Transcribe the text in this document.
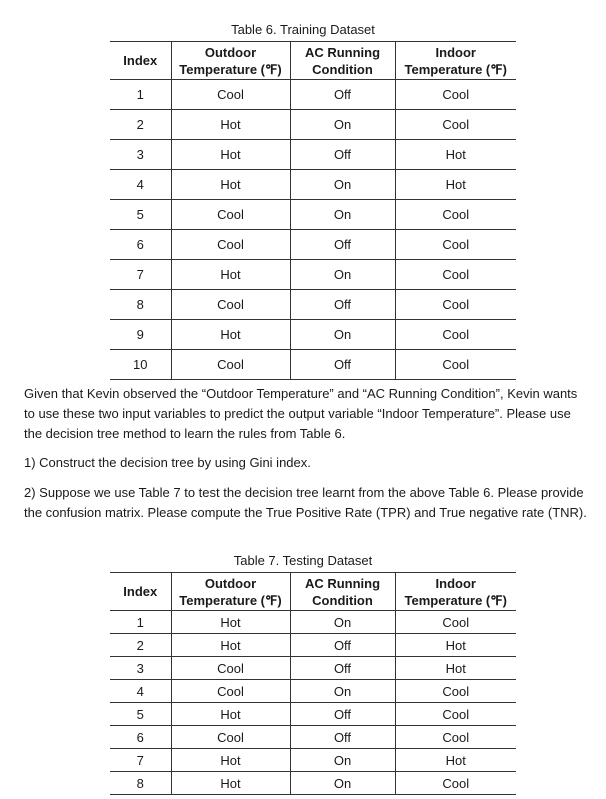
Table 6. Training Dataset
Index	Outdoor Temperature (℉)	AC Running Condition	Indoor Temperature (℉)
1	Cool	Off	Cool
2	Hot	On	Cool
3	Hot	Off	Hot
4	Hot	On	Hot
5	Cool	On	Cool
6	Cool	Off	Cool
7	Hot	On	Cool
8	Cool	Off	Cool
9	Hot	On	Cool
10	Cool	Off	Cool

Given that Kevin observed the “Outdoor Temperature” and “AC Running Condition”, Kevin wants to use these two input variables to predict the output variable “Indoor Temperature”. Please use the decision tree method to learn the rules from Table 6.

1) Construct the decision tree by using Gini index.

2) Suppose we use Table 7 to test the decision tree learnt from the above Table 6. Please provide the confusion matrix. Please compute the True Positive Rate (TPR) and True negative rate (TNR).

Table 7. Testing Dataset
Index	Outdoor Temperature (℉)	AC Running Condition	Indoor Temperature (℉)
1	Hot	On	Cool
2	Hot	Off	Hot
3	Cool	Off	Hot
4	Cool	On	Cool
5	Hot	Off	Cool
6	Cool	Off	Cool
7	Hot	On	Hot
8	Hot	On	Cool
